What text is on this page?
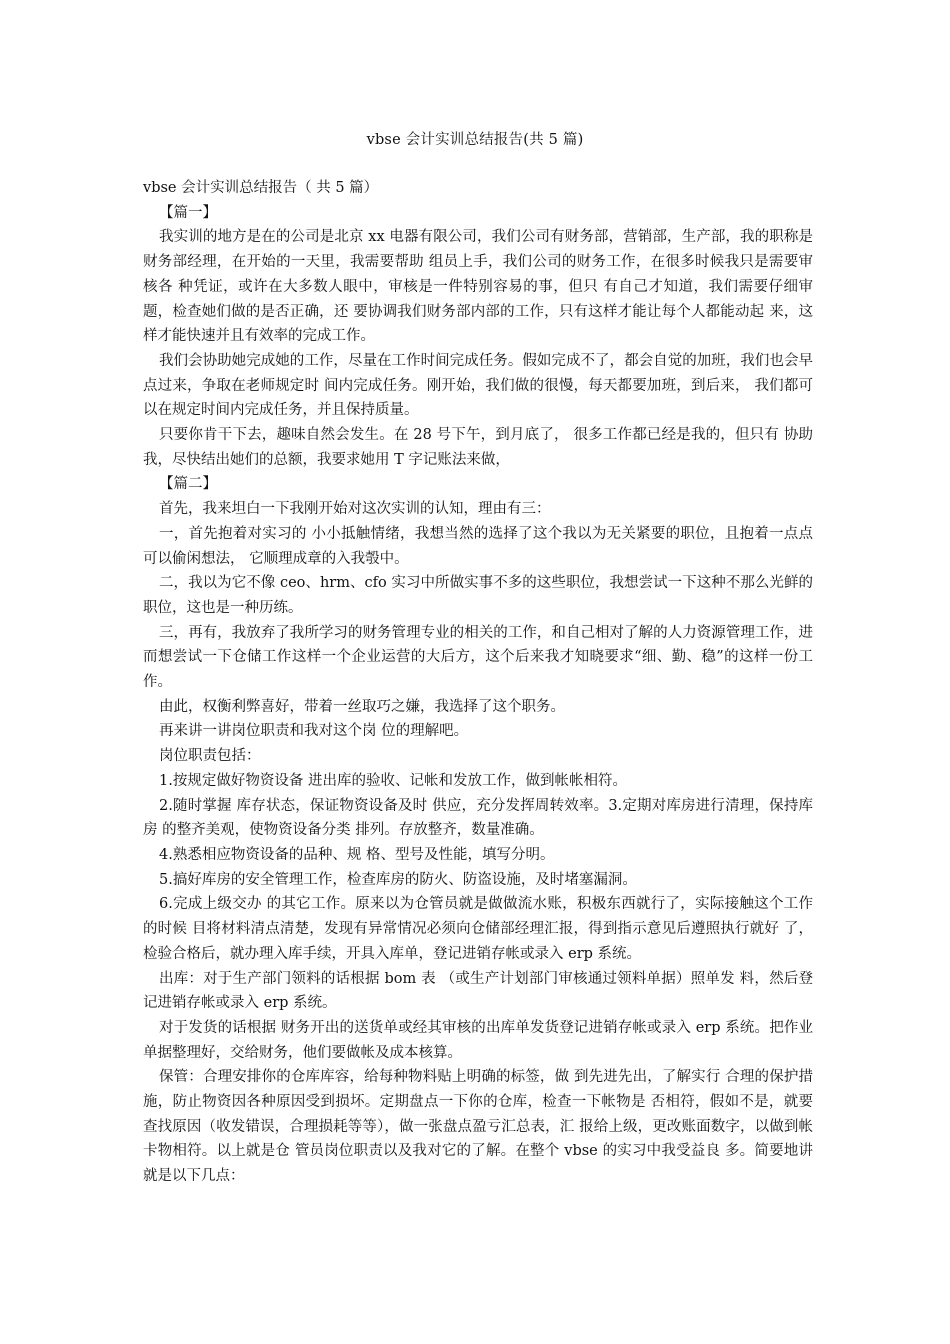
vbse 会计实训总结报告(共 5 篇)

vbse 会计实训总结报告（ 共 5 篇）

【篇一】

我实训的地方是在的公司是北京 xx 电器有限公司，我们公司有财务部，营销部，生产部，我的职称是财务部经理，在开始的一天里，我需要帮助 组员上手，我们公司的财务工作，在很多时候我只是需要审核各 种凭证，或许在大多数人眼中，审核是一件特别容易的事，但只 有自己才知道，我们需要仔细审题，检查她们做的是否正确，还 要协调我们财务部内部的工作，只有这样才能让每个人都能动起 来，这样才能快速并且有效率的完成工作。

我们会协助她完成她的工作，尽量在工作时间完成任务。假如完成不了，都会自觉的加班，我们也会早点过来，争取在老师规定时 间内完成任务。刚开始，我们做的很慢，每天都要加班，到后来， 我们都可以在规定时间内完成任务，并且保持质量。

只要你肯干下去，趣味自然会发生。在 28 号下午，到月底了， 很多工作都已经是我的，但只有 协助我，尽快结出她们的总额，我要求她用 T 字记账法来做，

【篇二】

首先，我来坦白一下我刚开始对这次实训的认知，理由有三：

一，首先抱着对实习的 小小抵触情绪，我想当然的选择了这个我以为无关紧要的职位，且抱着一点点可以偷闲想法， 它顺理成章的入我彀中。

二，我以为它不像 ceo、hrm、cfo 实习中所做实事不多的这些职位，我想尝试一下这种不那么光鲜的职位，这也是一种历练。

三，再有，我放弃了我所学习的财务管理专业的相关的工作，和自己相对了解的人力资源管理工作，进而想尝试一下仓储工作这样一个企业运营的大后方，这个后来我才知晓要求“细、勤、稳”的这样一份工作。

由此，权衡利弊喜好，带着一丝取巧之嫌，我选择了这个职务。

再来讲一讲岗位职责和我对这个岗 位的理解吧。

岗位职责包括：

1.按规定做好物资设备 进出库的验收、记帐和发放工作，做到帐帐相符。

2.随时掌握 库存状态，保证物资设备及时 供应，充分发挥周转效率。3.定期对库房进行清理，保持库房 的整齐美观，使物资设备分类 排列。存放整齐，数量准确。

4.熟悉相应物资设备的品种、规 格、型号及性能，填写分明。

5.搞好库房的安全管理工作，检查库房的防火、防盗设施，及时堵塞漏洞。

6.完成上级交办 的其它工作。原来以为仓管员就是做做流水账，积极东西就行了，实际接触这个工作的时候 目将材料清点清楚，发现有异常情况必须向仓储部经理汇报，得到指示意见后遵照执行就好 了，检验合格后，就办理入库手续，开具入库单，登记进销存帐或录入 erp 系统。

出库：对于生产部门领料的话根据 bom 表 （或生产计划部门审核通过领料单据）照单发 料，然后登记进销存帐或录入 erp 系统。

对于发货的话根据 财务开出的送货单或经其审核的出库单发货登记进销存帐或录入 erp 系统。把作业单据整理好，交给财务，他们要做帐及成本核算。

保管：合理安排你的仓库库容，给每种物料贴上明确的标签，做 到先进先出，了解实行 合理的保护措施，防止物资因各种原因受到损坏。定期盘点一下你的仓库，检查一下帐物是 否相符，假如不是，就要查找原因（收发错误，合理损耗等等），做一张盘点盈亏汇总表，汇 报给上级，更改账面数字，以做到帐卡物相符。以上就是仓 管员岗位职责以及我对它的了解。在整个 vbse 的实习中我受益良 多。简要地讲就是以下几点：
